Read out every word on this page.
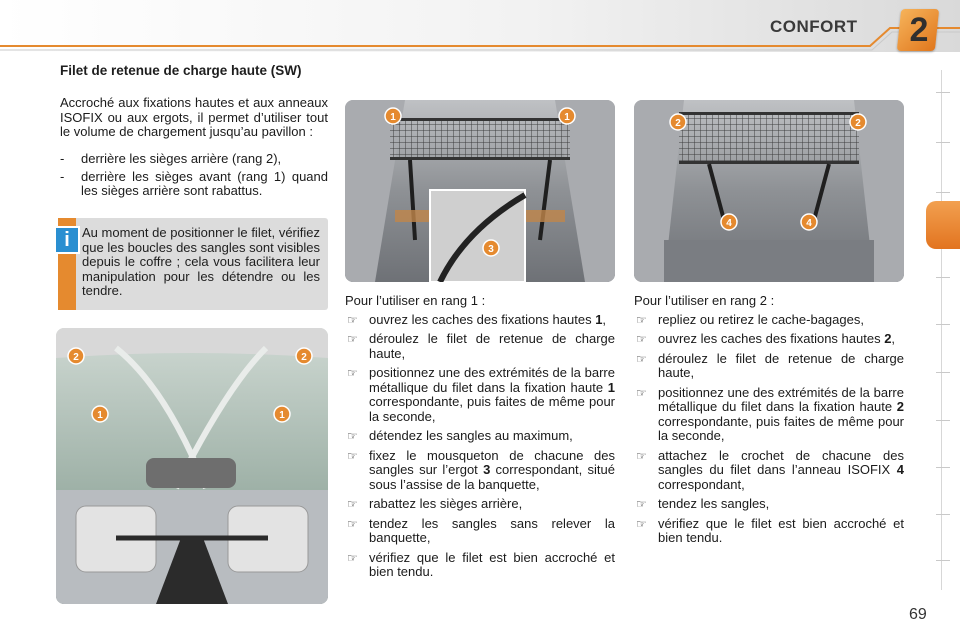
CONFORT 2
Filet de retenue de charge haute (SW)
Accroché aux fixations hautes et aux anneaux ISOFIX ou aux ergots, il permet d’utiliser tout le volume de chargement jusqu’au pavillon :
- derrière les sièges arrière (rang 2),
- derrière les sièges avant (rang 1) quand les sièges arrière sont rabattus.
i Au moment de positionner le filet, vérifiez que les boucles des sangles sont visibles depuis le coffre ; cela vous facilitera leur manipulation pour les détendre ou les tendre.
1	1
3
2	2
4	4
2	2
1	1

Pour l’utiliser en rang 1 :

☞ ouvrez les caches des fixations hautes 1,
☞ déroulez le filet de retenue de charge haute,
☞ positionnez une des extrémités de la barre métallique du filet dans la fixation haute 1 correspondante, puis faites de même pour la seconde,
☞ détendez les sangles au maximum,
☞ fixez le mousqueton de chacune des sangles sur l’ergot 3 correspondant, situé sous l’assise de la banquette,
☞ rabattez les sièges arrière,
☞ tendez les sangles sans relever la banquette,
☞ vérifiez que le filet est bien accroché et bien tendu.

Pour l’utiliser en rang 2 :

☞ repliez ou retirez le cache-bagages,
☞ ouvrez les caches des fixations hautes 2,
☞ déroulez le filet de retenue de charge haute,
☞ positionnez une des extrémités de la barre métallique du filet dans la fixation haute 2 correspondante, puis faites de même pour la seconde,
☞ attachez le crochet de chacune des sangles du filet dans l’anneau ISOFIX 4 correspondant,
☞ tendez les sangles,
☞ vérifiez que le filet est bien accroché et bien tendu.
69
